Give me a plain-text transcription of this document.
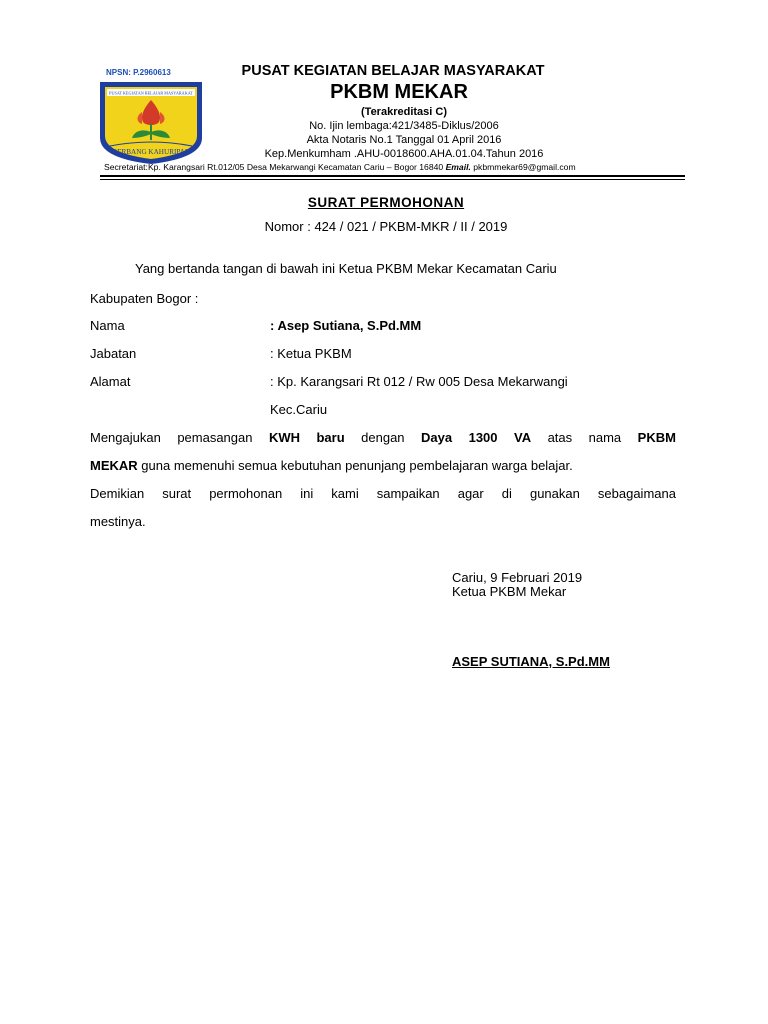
NPSN: P.2960613
PUSAT KEGIATAN BELAJAR MASYARAKAT
GERBANG KAHURIPAN
PUSAT KEGIATAN BELAJAR MASYARAKAT
PKBM MEKAR
(Terakreditasi C)
No. Ijin lembaga:421/3485-Diklus/2006
Akta Notaris No.1 Tanggal 01 April 2016
Kep.Menkumham .AHU-0018600.AHA.01.04.Tahun 2016
Secretariat:Kp. Karangsari Rt.012/05 Desa Mekarwangi Kecamatan Cariu – Bogor 16840 Email. pkbmmekar69@gmail.com
SURAT PERMOHONAN
Nomor : 424 / 021 / PKBM-MKR / II / 2019
Yang bertanda tangan di bawah ini Ketua PKBM Mekar Kecamatan Cariu
Kabupaten Bogor :
Nama	: Asep Sutiana, S.Pd.MM
Jabatan	: Ketua PKBM
Alamat	: Kp. Karangsari Rt 012 / Rw 005 Desa Mekarwangi
Kec.Cariu
Mengajukan pemasangan KWH baru dengan Daya 1300 VA atas nama PKBM
MEKAR guna memenuhi semua kebutuhan penunjang pembelajaran warga belajar.
Demikian surat permohonan ini kami sampaikan agar di gunakan sebagaimana
mestinya.
Cariu, 9 Februari 2019
Ketua PKBM Mekar
ASEP SUTIANA, S.Pd.MM
